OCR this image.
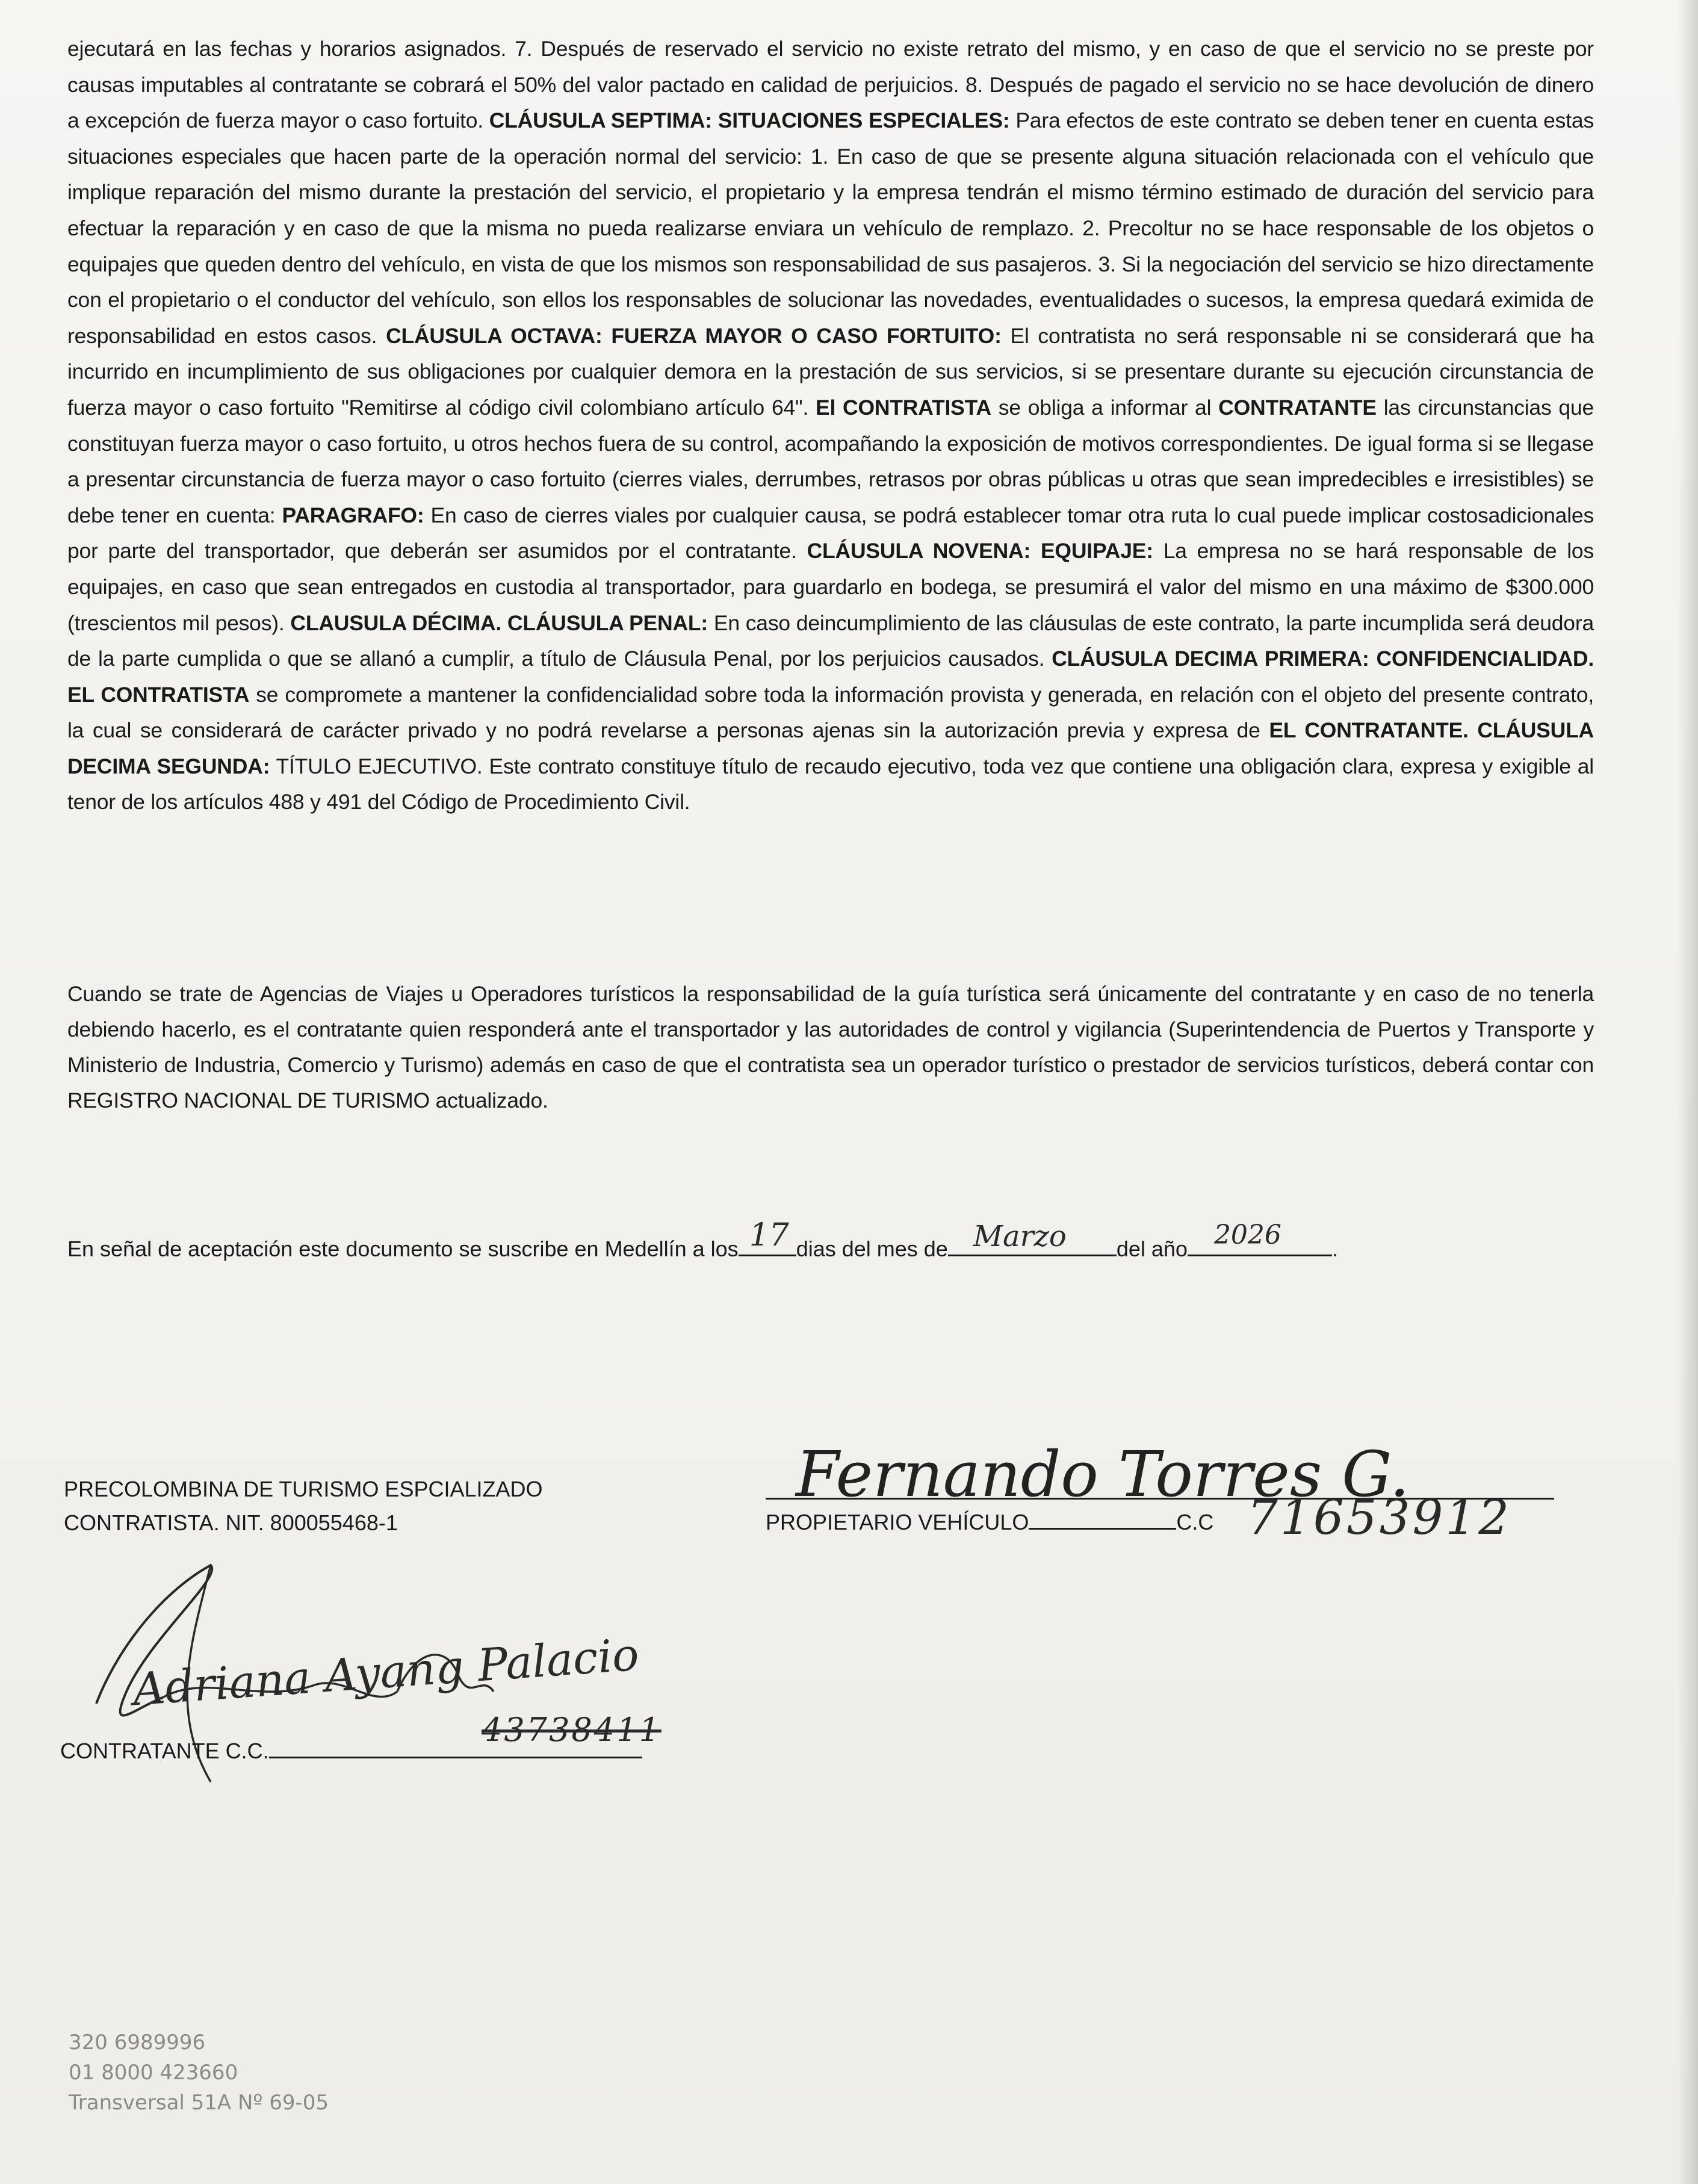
ejecutará en las fechas y horarios asignados. 7. Después de reservado el servicio no existe retrato del mismo, y en caso de que el servicio no se preste por causas imputables al contratante se cobrará el 50% del valor pactado en calidad de perjuicios. 8. Después de pagado el servicio no se hace devolución de dinero a excepción de fuerza mayor o caso fortuito. CLÁUSULA SEPTIMA: SITUACIONES ESPECIALES: Para efectos de este contrato se deben tener en cuenta estas situaciones especiales que hacen parte de la operación normal del servicio: 1. En caso de que se presente alguna situación relacionada con el vehículo que implique reparación del mismo durante la prestación del servicio, el propietario y la empresa tendrán el mismo término estimado de duración del servicio para efectuar la reparación y en caso de que la misma no pueda realizarse enviara un vehículo de remplazo. 2. Precoltur no se hace responsable de los objetos o equipajes que queden dentro del vehículo, en vista de que los mismos son responsabilidad de sus pasajeros. 3. Si la negociación del servicio se hizo directamente con el propietario o el conductor del vehículo, son ellos los responsables de solucionar las novedades, eventualidades o sucesos, la empresa quedará eximida de responsabilidad en estos casos. CLÁUSULA OCTAVA: FUERZA MAYOR O CASO FORTUITO: El contratista no será responsable ni se considerará que ha incurrido en incumplimiento de sus obligaciones por cualquier demora en la prestación de sus servicios, si se presentare durante su ejecución circunstancia de fuerza mayor o caso fortuito "Remitirse al código civil colombiano artículo 64". El CONTRATISTA se obliga a informar al CONTRATANTE las circunstancias que constituyan fuerza mayor o caso fortuito, u otros hechos fuera de su control, acompañando la exposición de motivos correspondientes. De igual forma si se llegase a presentar circunstancia de fuerza mayor o caso fortuito (cierres viales, derrumbes, retrasos por obras públicas u otras que sean impredecibles e irresistibles) se debe tener en cuenta: PARAGRAFO: En caso de cierres viales por cualquier causa, se podrá establecer tomar otra ruta lo cual puede implicar costosadicionales por parte del transportador, que deberán ser asumidos por el contratante. CLÁUSULA NOVENA: EQUIPAJE: La empresa no se hará responsable de los equipajes, en caso que sean entregados en custodia al transportador, para guardarlo en bodega, se presumirá el valor del mismo en una máximo de $300.000 (trescientos mil pesos). CLAUSULA DÉCIMA. CLÁUSULA PENAL: En caso deincumplimiento de las cláusulas de este contrato, la parte incumplida será deudora de la parte cumplida o que se allanó a cumplir, a título de Cláusula Penal, por los perjuicios causados. CLÁUSULA DECIMA PRIMERA: CONFIDENCIALIDAD. EL CONTRATISTA se compromete a mantener la confidencialidad sobre toda la información provista y generada, en relación con el objeto del presente contrato, la cual se considerará de carácter privado y no podrá revelarse a personas ajenas sin la autorización previa y expresa de EL CONTRATANTE. CLÁUSULA DECIMA SEGUNDA: TÍTULO EJECUTIVO. Este contrato constituye título de recaudo ejecutivo, toda vez que contiene una obligación clara, expresa y exigible al tenor de los artículos 488 y 491 del Código de Procedimiento Civil.
Cuando se trate de Agencias de Viajes u Operadores turísticos la responsabilidad de la guía turística será únicamente del contratante y en caso de no tenerla debiendo hacerlo, es el contratante quien responderá ante el transportador y las autoridades de control y vigilancia (Superintendencia de Puertos y Transporte y Ministerio de Industria, Comercio y Turismo) además en caso de que el contratista sea un operador turístico o prestador de servicios turísticos, deberá contar con REGISTRO NACIONAL DE TURISMO actualizado.
En señal de aceptación este documento se suscribe en Medellín a los 17 dias del mes de Marzo del año 2026 .
PRECOLOMBINA DE TURISMO ESPCIALIZADO
CONTRATISTA. NIT. 800055468-1
Fernando Torres G.
PROPIETARIO VEHÍCULO	C.C 71653912
Adriana Ayang Palacio
CONTRATANTE C.C.
43738411
320 6989996
01 8000 423660
Transversal 51A Nº 69-05
